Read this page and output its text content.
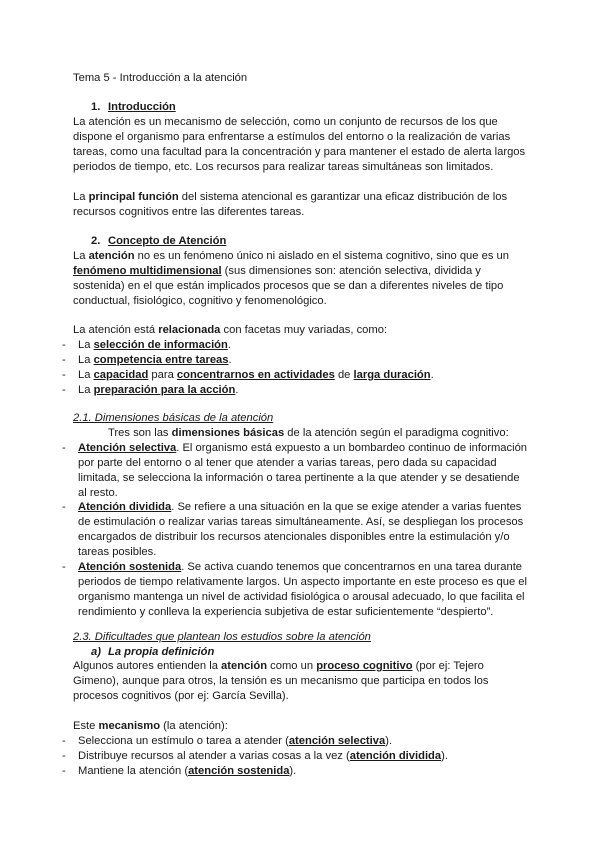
Tema 5 - Introducción a la atención
1. Introducción
La atención es un mecanismo de selección, como un conjunto de recursos de los que
dispone el organismo para enfrentarse a estímulos del entorno o la realización de varias
tareas, como una facultad para la concentración y para mantener el estado de alerta largos
periodos de tiempo, etc. Los recursos para realizar tareas simultáneas son limitados.
La principal función del sistema atencional es garantizar una eficaz distribución de los
recursos cognitivos entre las diferentes tareas.
2. Concepto de Atención
La atención no es un fenómeno único ni aislado en el sistema cognitivo, sino que es un
fenómeno multidimensional (sus dimensiones son: atención selectiva, dividida y
sostenida) en el que están implicados procesos que se dan a diferentes niveles de tipo
conductual, fisiológico, cognitivo y fenomenológico.
La atención está relacionada con facetas muy variadas, como:
- La selección de información.
- La competencia entre tareas.
- La capacidad para concentrarnos en actividades de larga duración.
- La preparación para la acción.
2.1. Dimensiones básicas de la atención
Tres son las dimensiones básicas de la atención según el paradigma cognitivo:
- Atención selectiva. El organismo está expuesto a un bombardeo continuo de información
por parte del entorno o al tener que atender a varias tareas, pero dada su capacidad
limitada, se selecciona la información o tarea pertinente a la que atender y se desatiende
al resto.
- Atención dividida. Se refiere a una situación en la que se exige atender a varias fuentes
de estimulación o realizar varias tareas simultáneamente. Así, se despliegan los procesos
encargados de distribuir los recursos atencionales disponibles entre la estimulación y/o
tareas posibles.
- Atención sostenida. Se activa cuando tenemos que concentrarnos en una tarea durante
periodos de tiempo relativamente largos. Un aspecto importante en este proceso es que el
organismo mantenga un nivel de actividad fisiológica o arousal adecuado, lo que facilita el
rendimiento y conlleva la experiencia subjetiva de estar suficientemente “despierto”.
2.3. Dificultades que plantean los estudios sobre la atención
a) La propia definición
Algunos autores entienden la atención como un proceso cognitivo (por ej: Tejero
Gimeno), aunque para otros, la tensión es un mecanismo que participa en todos los
procesos cognitivos (por ej: García Sevilla).
Este mecanismo (la atención):
- Selecciona un estímulo o tarea a atender (atención selectiva).
- Distribuye recursos al atender a varias cosas a la vez (atención dividida).
- Mantiene la atención (atención sostenida).
